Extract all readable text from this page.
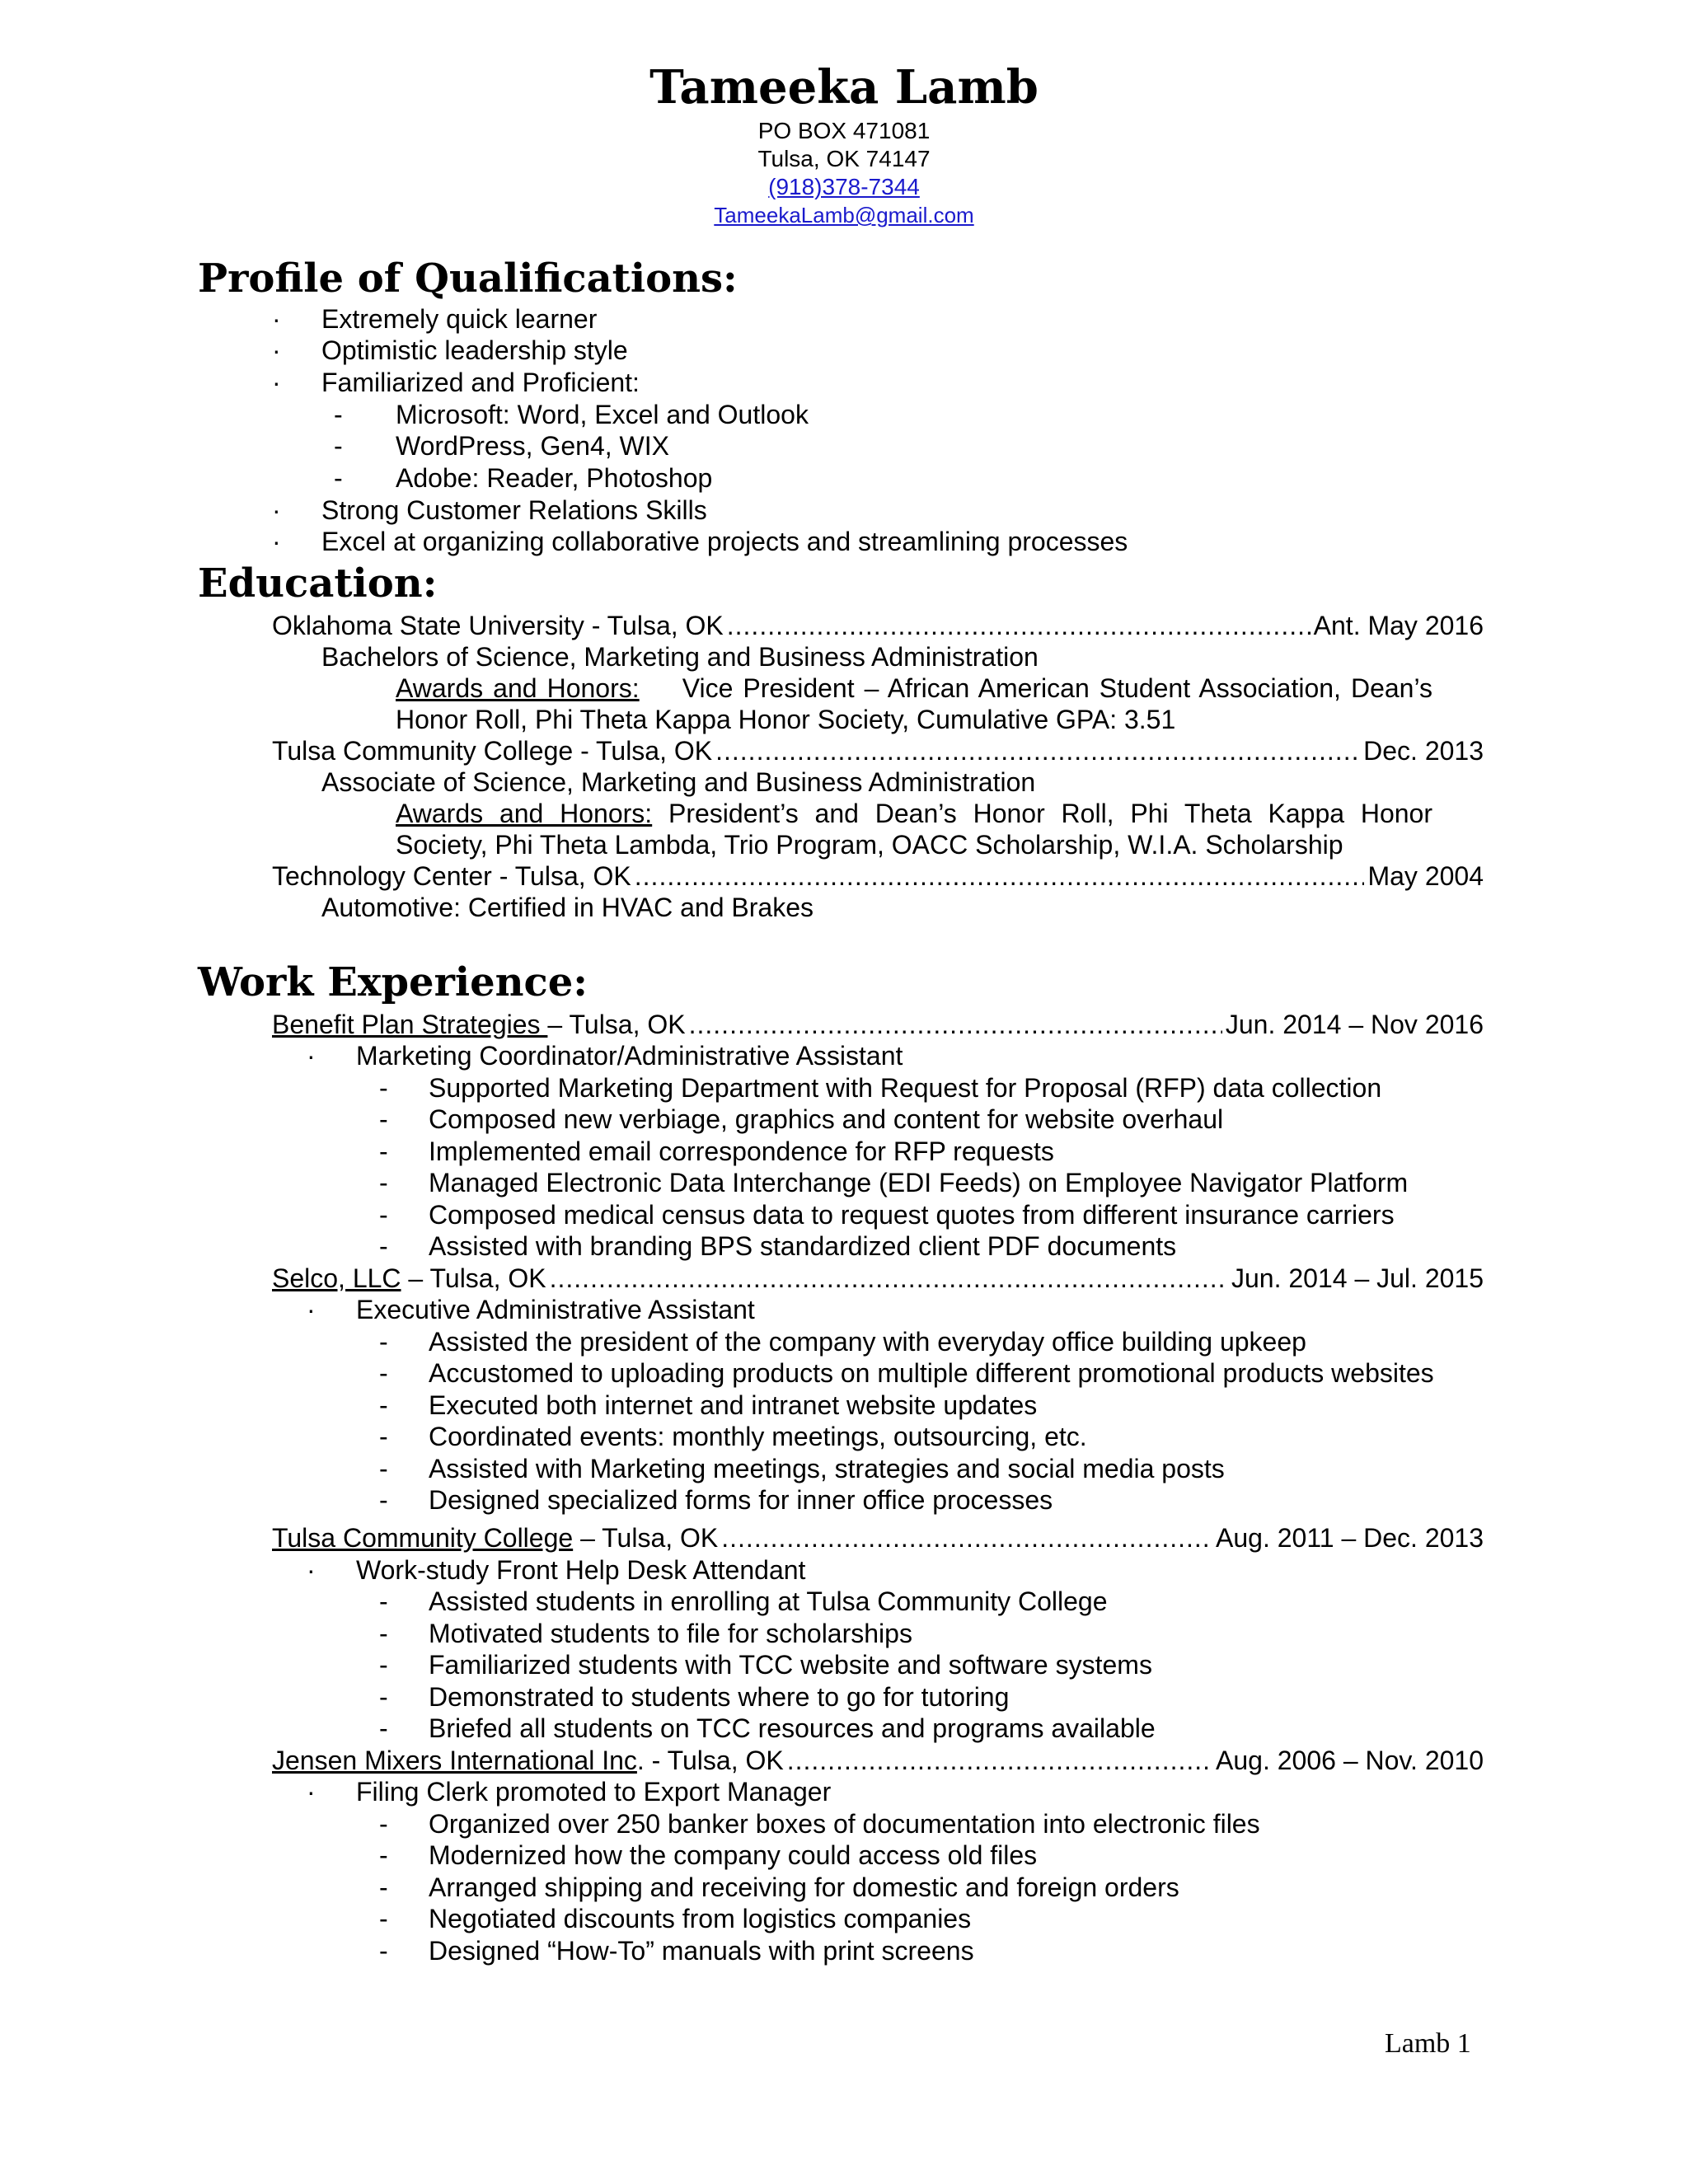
Tameeka Lamb
PO BOX 471081
Tulsa, OK 74147
(918)378-7344
TameekaLamb@gmail.com
Profile of Qualifications:
· Extremely quick learner
· Optimistic leadership style
· Familiarized and Proficient:
- Microsoft: Word, Excel and Outlook
- WordPress, Gen4, WIX
- Adobe: Reader, Photoshop
· Strong Customer Relations Skills
· Excel at organizing collaborative projects and streamlining processes
Education:
Oklahoma State University - Tulsa, OK .....	Ant. May 2016
Bachelors of Science, Marketing and Business Administration
Awards and Honors: Vice President – African American Student Association, Dean’s Honor Roll, Phi Theta Kappa Honor Society, Cumulative GPA: 3.51
Tulsa Community College - Tulsa, OK .....	Dec. 2013
Associate of Science, Marketing and Business Administration
Awards and Honors: President’s and Dean’s Honor Roll, Phi Theta Kappa Honor Society, Phi Theta Lambda, Trio Program, OACC Scholarship, W.I.A. Scholarship
Technology Center - Tulsa, OK .....	May 2004
Automotive: Certified in HVAC and Brakes
Work Experience:
Benefit Plan Strategies – Tulsa, OK .....	Jun. 2014 – Nov 2016
· Marketing Coordinator/Administrative Assistant
- Supported Marketing Department with Request for Proposal (RFP) data collection
- Composed new verbiage, graphics and content for website overhaul
- Implemented email correspondence for RFP requests
- Managed Electronic Data Interchange (EDI Feeds) on Employee Navigator Platform
- Composed medical census data to request quotes from different insurance carriers
- Assisted with branding BPS standardized client PDF documents
Selco, LLC – Tulsa, OK .....	Jun. 2014 – Jul. 2015
· Executive Administrative Assistant
- Assisted the president of the company with everyday office building upkeep
- Accustomed to uploading products on multiple different promotional products websites
- Executed both internet and intranet website updates
- Coordinated events: monthly meetings, outsourcing, etc.
- Assisted with Marketing meetings, strategies and social media posts
- Designed specialized forms for inner office processes
Tulsa Community College – Tulsa, OK .....	Aug. 2011 – Dec. 2013
· Work-study Front Help Desk Attendant
- Assisted students in enrolling at Tulsa Community College
- Motivated students to file for scholarships
- Familiarized students with TCC website and software systems
- Demonstrated to students where to go for tutoring
- Briefed all students on TCC resources and programs available
Jensen Mixers International Inc. - Tulsa, OK .....	Aug. 2006 – Nov. 2010
· Filing Clerk promoted to Export Manager
- Organized over 250 banker boxes of documentation into electronic files
- Modernized how the company could access old files
- Arranged shipping and receiving for domestic and foreign orders
- Negotiated discounts from logistics companies
- Designed “How-To” manuals with print screens
Lamb 1
